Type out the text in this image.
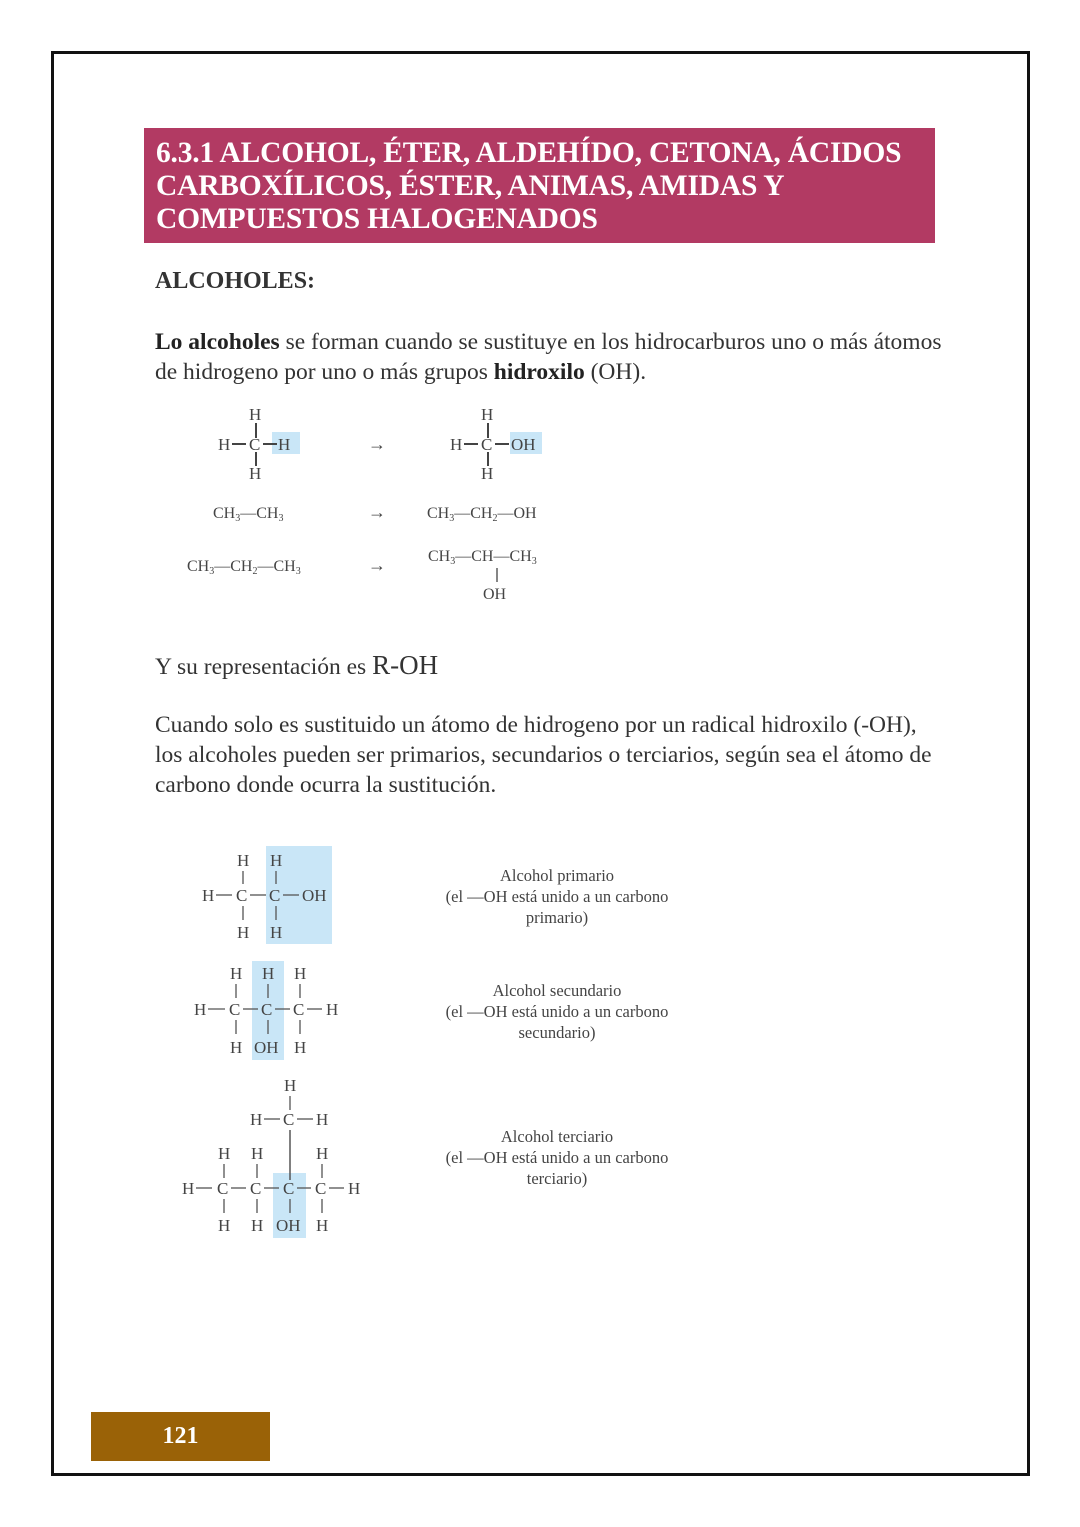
6.3.1 ALCOHOL, ÉTER, ALDEHÍDO, CETONA, ÁCIDOS
CARBOXÍLICOS, ÉSTER, ANIMAS, AMIDAS Y
COMPUESTOS HALOGENADOS

ALCOHOLES:

Lo alcoholes se forman cuando se sustituye en los hidrocarburos uno o más átomos de hidrogeno por uno o más grupos hidroxilo (OH).

H
H C H
H
→
H
H C OH
H
CH3—CH3	→	CH3—CH2—OH
CH3—CH2—CH3	→	CH3—CH—CH3
OH
H H
H C C OH
H H
H H H
H C C C H
H OH H
H
H C H
H H	H
H C C C C H
H H OH H

Y su representación es R-OH

Cuando solo es sustituido un átomo de hidrogeno por un radical hidroxilo (-OH), los alcoholes pueden ser primarios, secundarios o terciarios, según sea el átomo de carbono donde ocurra la sustitución.

Alcohol primario
(el —OH está unido a un carbono
primario)
Alcohol secundario
(el —OH está unido a un carbono
secundario)
Alcohol terciario
(el —OH está unido a un carbono
terciario)
121
